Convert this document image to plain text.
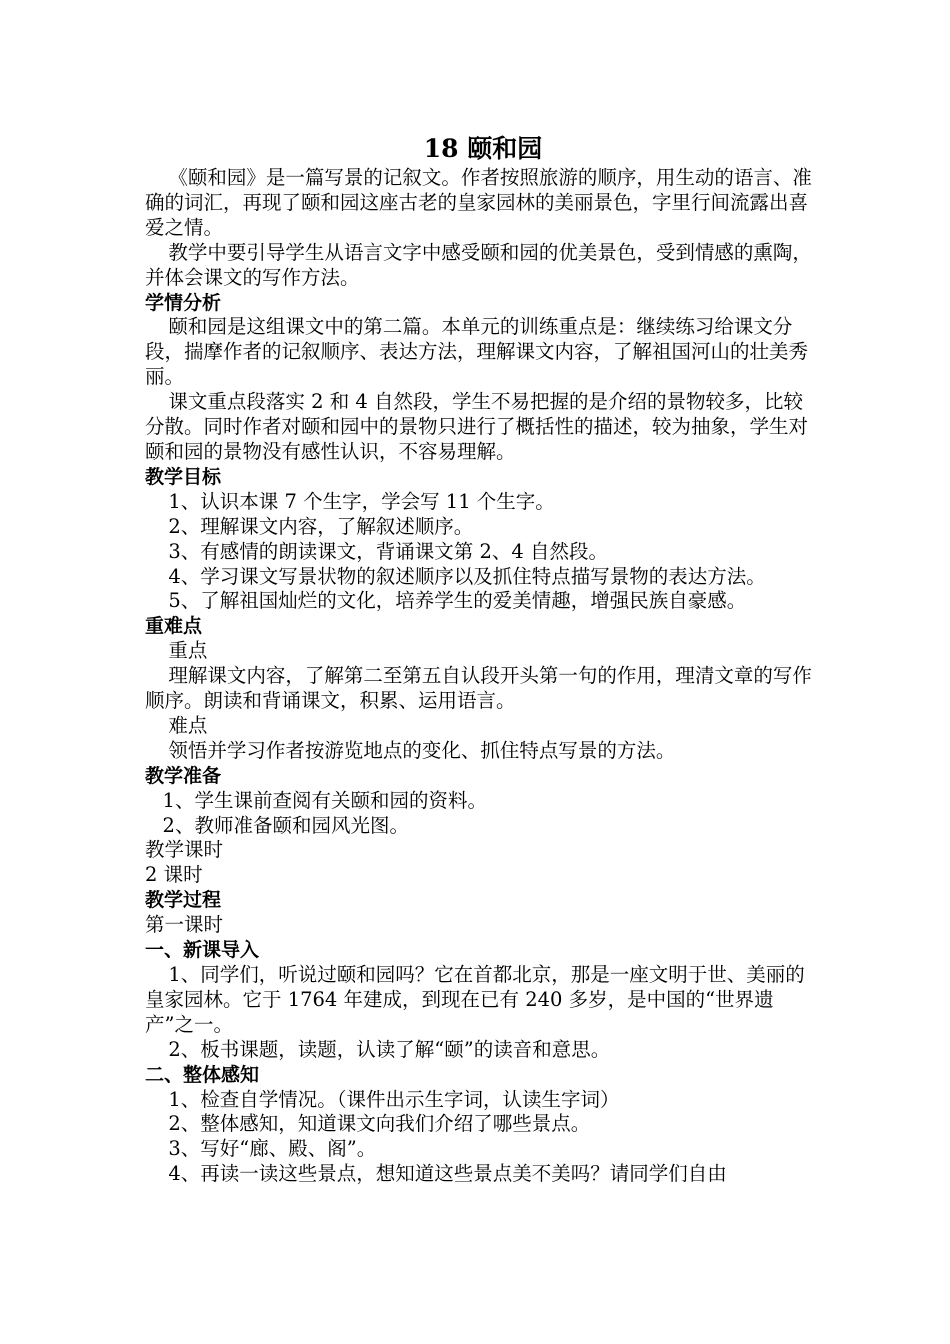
18 颐和园

《颐和园》是一篇写景的记叙文。作者按照旅游的顺序，用生动的语言、准确的词汇，再现了颐和园这座古老的皇家园林的美丽景色，字里行间流露出喜爱之情。

教学中要引导学生从语言文字中感受颐和园的优美景色，受到情感的熏陶，并体会课文的写作方法。

学情分析

颐和园是这组课文中的第二篇。本单元的训练重点是：继续练习给课文分段，揣摩作者的记叙顺序、表达方法，理解课文内容，了解祖国河山的壮美秀丽。

课文重点段落实 2 和 4 自然段，学生不易把握的是介绍的景物较多，比较分散。同时作者对颐和园中的景物只进行了概括性的描述，较为抽象，学生对颐和园的景物没有感性认识，不容易理解。

教学目标

1、认识本课 7 个生字，学会写 11 个生字。

2、理解课文内容，了解叙述顺序。

3、有感情的朗读课文，背诵课文第 2、4 自然段。

4、学习课文写景状物的叙述顺序以及抓住特点描写景物的表达方法。

5、了解祖国灿烂的文化，培养学生的爱美情趣，增强民族自豪感。

重难点

重点

理解课文内容，了解第二至第五自认段开头第一句的作用，理清文章的写作顺序。朗读和背诵课文，积累、运用语言。

难点

领悟并学习作者按游览地点的变化、抓住特点写景的方法。

教学准备

1、学生课前查阅有关颐和园的资料。

2、教师准备颐和园风光图。

教学课时

2 课时

教学过程

第一课时

一、新课导入

1、同学们，听说过颐和园吗？它在首都北京，那是一座文明于世、美丽的皇家园林。它于 1764 年建成，到现在已有 240 多岁，是中国的“世界遗产”之一。

2、板书课题，读题，认读了解“颐”的读音和意思。

二、整体感知

1、检查自学情况。（课件出示生字词，认读生字词）

2、整体感知，知道课文向我们介绍了哪些景点。

3、写好“廊、殿、阁”。

4、再读一读这些景点，想知道这些景点美不美吗？请同学们自由
